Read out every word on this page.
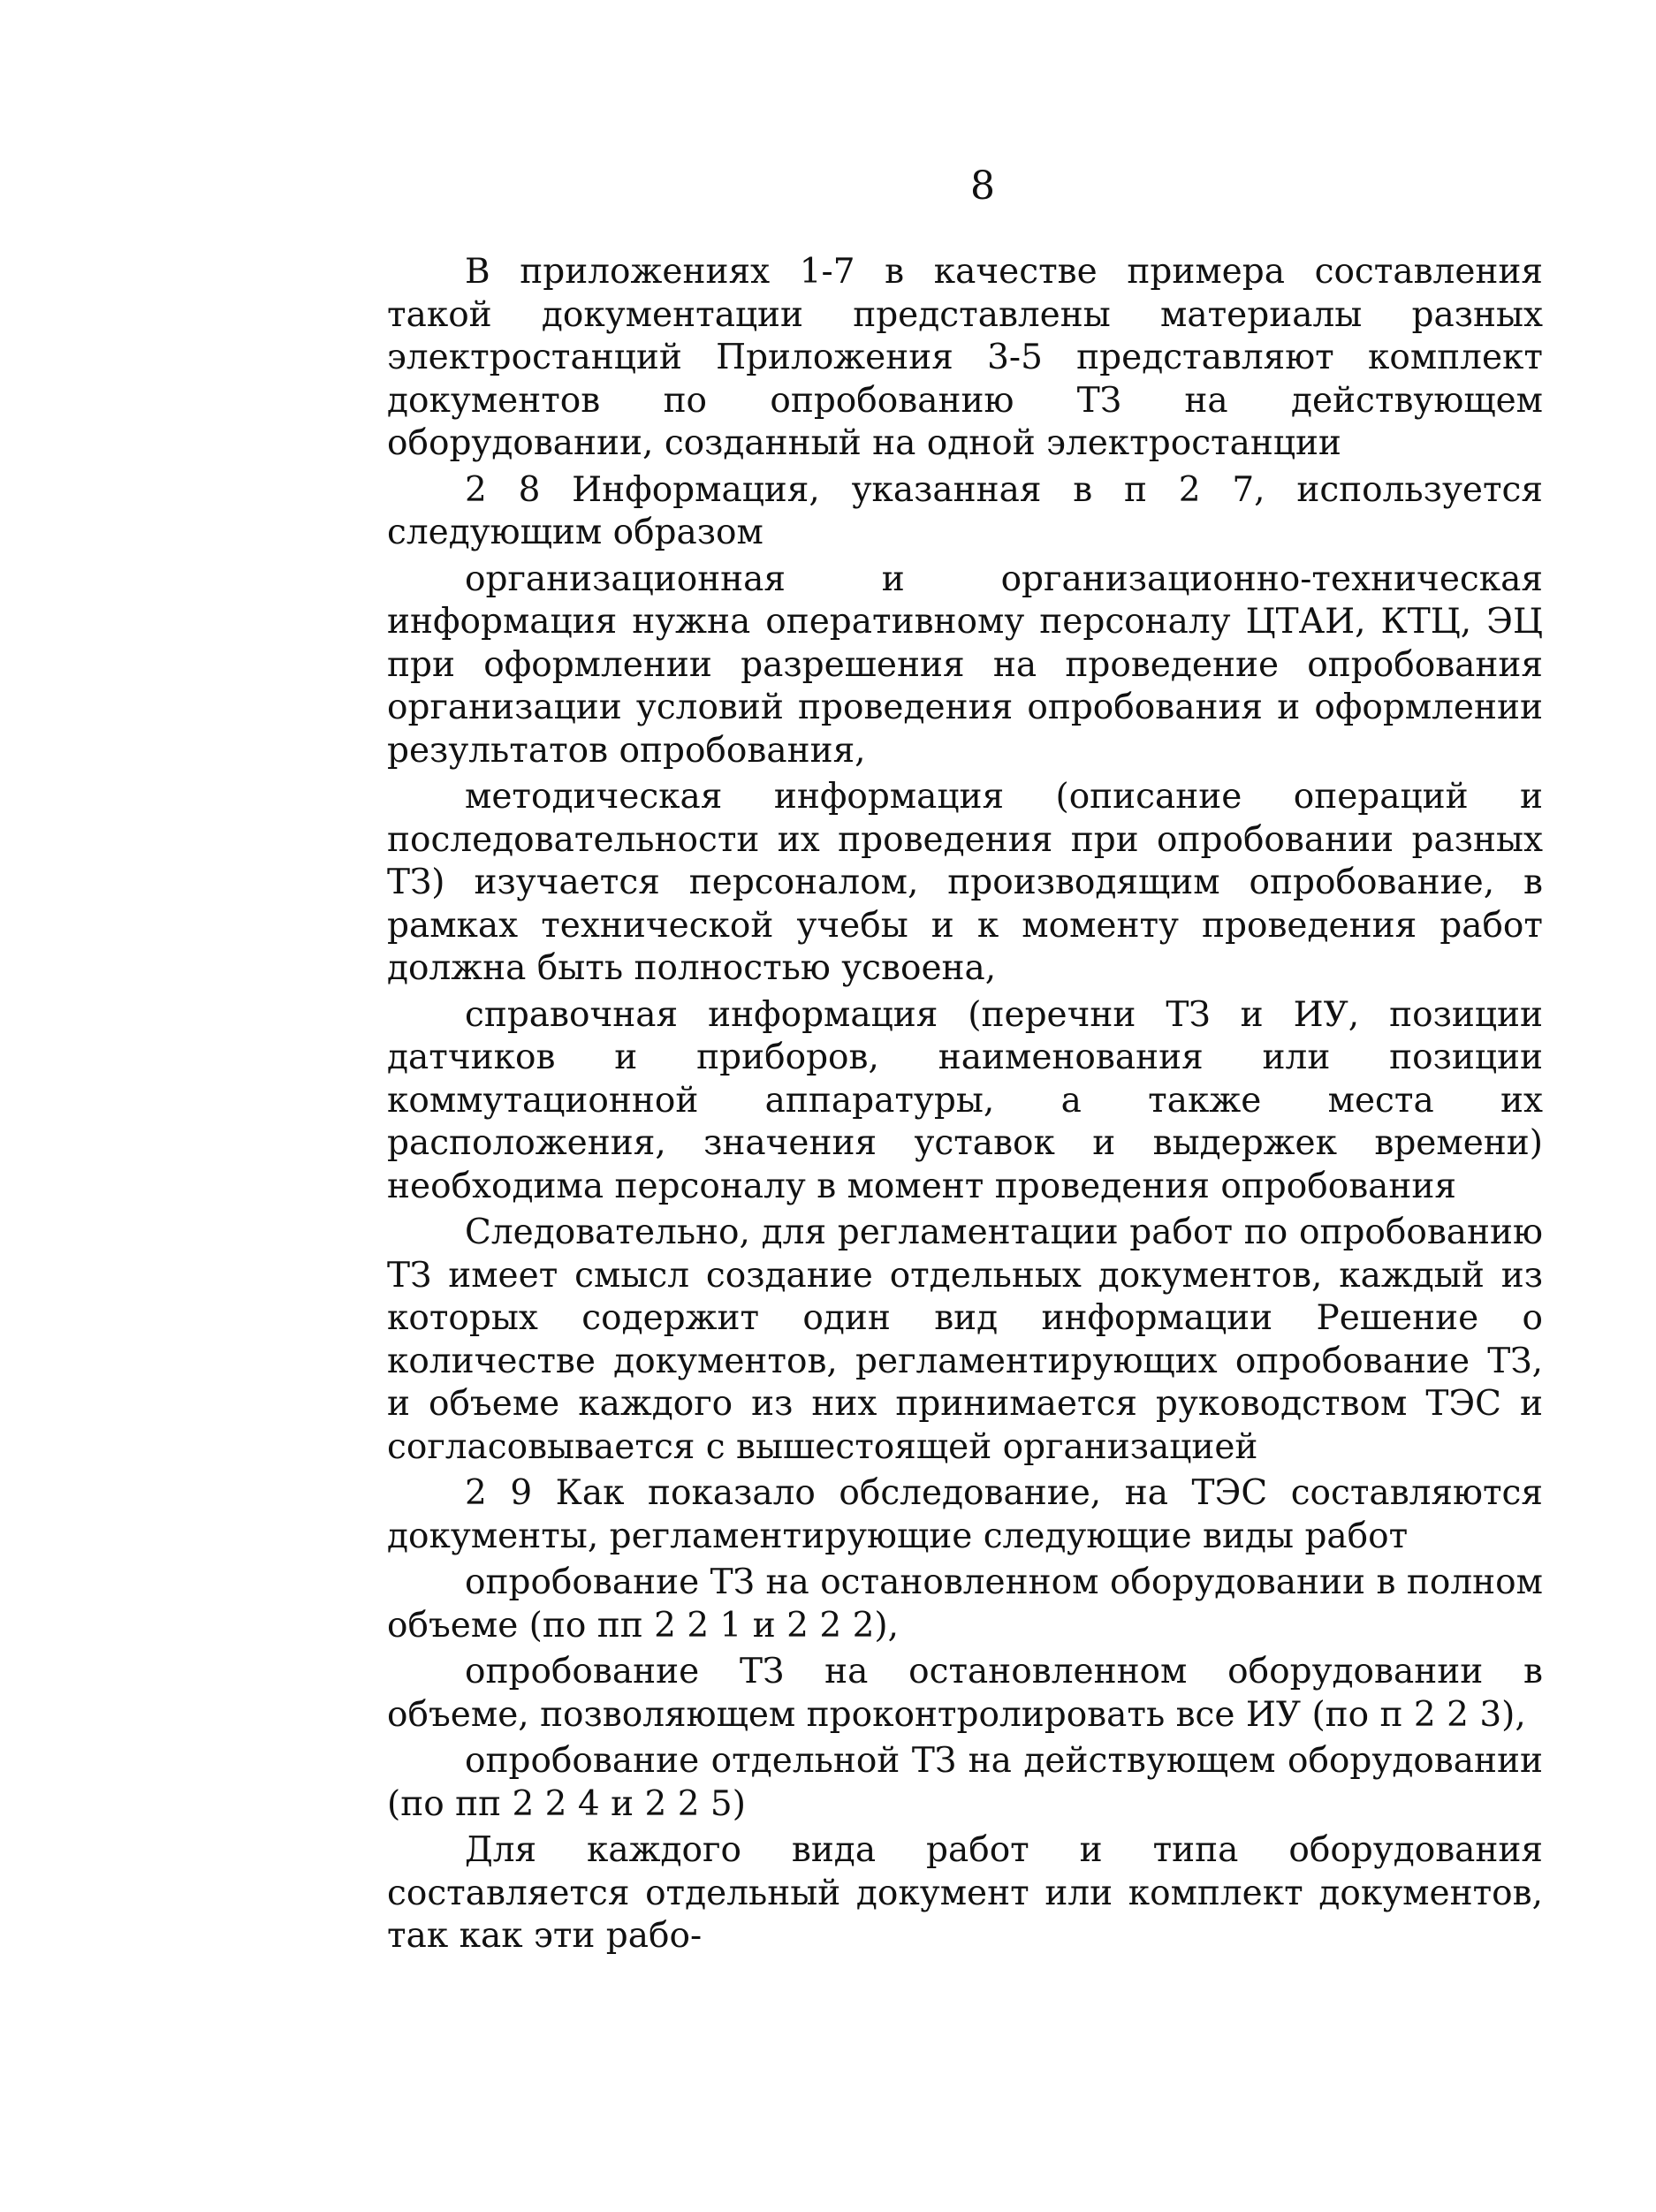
8

В приложениях 1-7 в качестве примера составления такой документации представлены материалы разных электростанций Приложения 3-5 представляют комплект документов по опробованию ТЗ на действующем оборудовании, созданный на одной электростанции

2 8 Информация, указанная в п 2 7, используется следующим образом

организационная и организационно-техническая информация нужна оперативному персоналу ЦТАИ, КТЦ, ЭЦ при оформлении разрешения на проведение опробования организации условий проведения опробования и оформлении результатов опробования,

методическая информация (описание операций и последовательности их проведения при опробовании разных ТЗ) изучается персоналом, производящим опробование, в рамках технической учебы и к моменту проведения работ должна быть полностью усвоена,

справочная информация (перечни ТЗ и ИУ, позиции датчиков и приборов, наименования или позиции коммутационной аппаратуры, а также места их расположения, значения уставок и выдержек времени) необходима персоналу в момент проведения опробования

Следовательно, для регламентации работ по опробованию ТЗ имеет смысл создание отдельных документов, каждый из которых содержит один вид информации Решение о количестве документов, регламентирующих опробование ТЗ, и объеме каждого из них принимается руководством ТЭС и согласовывается с вышестоящей организацией

2 9 Как показало обследование, на ТЭС составляются документы, регламентирующие следующие виды работ

опробование ТЗ на остановленном оборудовании в полном объеме (по пп 2 2 1 и 2 2 2),

опробование ТЗ на остановленном оборудовании в объеме, позволяющем проконтролировать все ИУ (по п 2 2 3),

опробование отдельной ТЗ на действующем оборудовании (по пп 2 2 4 и 2 2 5)

Для каждого вида работ и типа оборудования составляется отдельный документ или комплект документов, так как эти рабо-
